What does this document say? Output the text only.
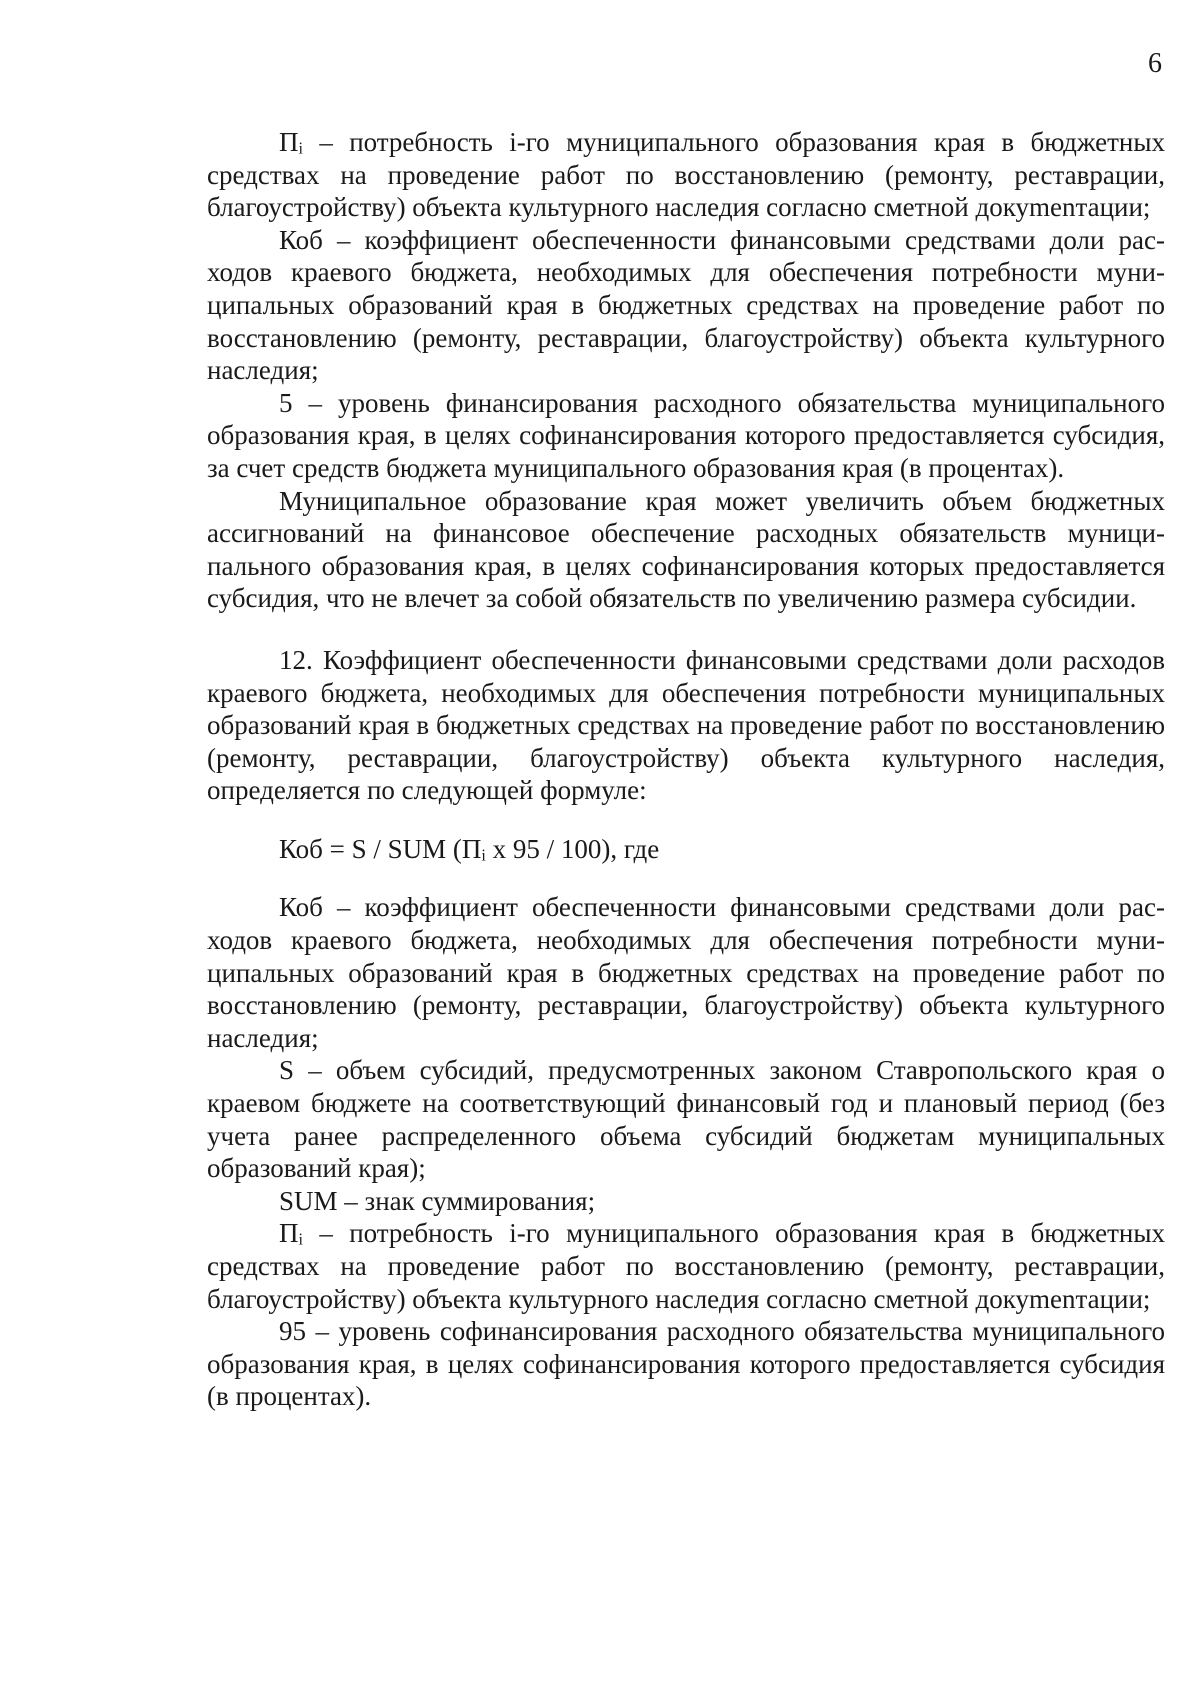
6

Пᵢ – потребность і-го муниципального образования края в бюджетных средствах на проведение работ по восстановлению (ремонту, реставрации, благоустройству) объекта культурного наследия согласно сметной докуmenтации;

Коб – коэффициент обеспеченности финансовыми средствами доли расходов краевого бюджета, необходимых для обеспечения потребности муниципальных образований края в бюджетных средствах на проведение работ по восстановлению (ремонту, реставрации, благоустройству) объекта культурного наследия;

5 – уровень финансирования расходного обязательства муниципального образования края, в целях софинансирования которого предоставляется субсидия, за счет средств бюджета муниципального образования края (в процентах).

Муниципальное образование края может увеличить объем бюджетных ассигнований на финансовое обеспечение расходных обязательств муниципального образования края, в целях софинансирования которых предоставляется субсидия, что не влечет за собой обязательств по увеличению размера субсидии.

12. Коэффициент обеспеченности финансовыми средствами доли расходов краевого бюджета, необходимых для обеспечения потребности муниципальных образований края в бюджетных средствах на проведение работ по восстановлению (ремонту, реставрации, благоустройству) объекта культурного наследия, определяется по следующей формуле:

Коб = S / SUM (Пᵢ х 95 / 100), где

Коб – коэффициент обеспеченности финансовыми средствами доли расходов краевого бюджета, необходимых для обеспечения потребности муниципальных образований края в бюджетных средствах на проведение работ по восстановлению (ремонту, реставрации, благоустройству) объекта культурного наследия;

S – объем субсидий, предусмотренных законом Ставропольского края о краевом бюджете на соответствующий финансовый год и плановый период (без учета ранее распределенного объема субсидий бюджетам муниципальных образований края);

SUM – знак суммирования;

Пᵢ – потребность і-го муниципального образования края в бюджетных средствах на проведение работ по восстановлению (ремонту, реставрации, благоустройству) объекта культурного наследия согласно сметной докуmenтации;

95 – уровень софинансирования расходного обязательства муниципального образования края, в целях софинансирования которого предоставляется субсидия (в процентах).
